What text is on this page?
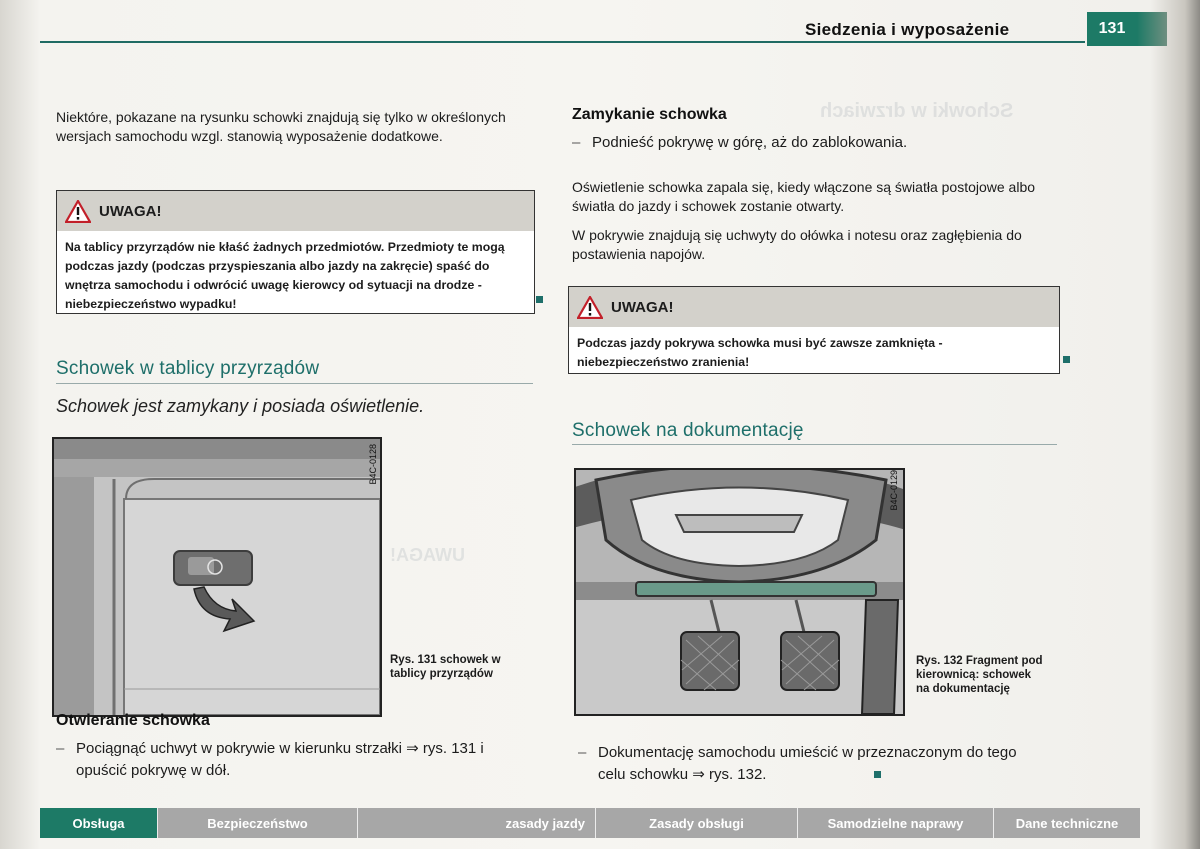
Schowki w drzwiach
UWAGA!
Siedzenia i wyposażenie	131

Niektóre, pokazane na rysunku schowki znajdują się tylko w określonych wersjach samochodu wzgl. stanowią wyposażenie dodatkowe.

UWAGA!
Na tablicy przyrządów nie kłaść żadnych przedmiotów. Przedmioty te mogą podczas jazdy (podczas przyspieszania albo jazdy na zakręcie) spaść do wnętrza samochodu i odwrócić uwagę kierowcy od sytuacji na drodze - niebezpieczeństwo wypadku!
Schowek w tablicy przyrządów
Schowek jest zamykany i posiada oświetlenie.
B4C-0128
Rys. 131 schowek w tablicy przyrządów
Otwieranie schowka
– Pociągnąć uchwyt w pokrywie w kierunku strzałki ⇒ rys. 131 i opuścić pokrywę w dół.
Zamykanie schowka
– Podnieść pokrywę w górę, aż do zablokowania.

Oświetlenie schowka zapala się, kiedy włączone są światła postojowe albo światła do jazdy i schowek zostanie otwarty.

W pokrywie znajdują się uchwyty do ołówka i notesu oraz zagłębienia do postawienia napojów.

UWAGA!
Podczas jazdy pokrywa schowka musi być zawsze zamknięta - niebezpieczeństwo zranienia!
Schowek na dokumentację
B4C-0129
Rys. 132 Fragment pod kierownicą: schowek na dokumentację
– Dokumentację samochodu umieścić w przeznaczonym do tego celu schowku ⇒ rys. 132.
Obsługa	Bezpieczeństwo	zasady jazdy	Zasady obsługi	Samodzielne naprawy	Dane techniczne
